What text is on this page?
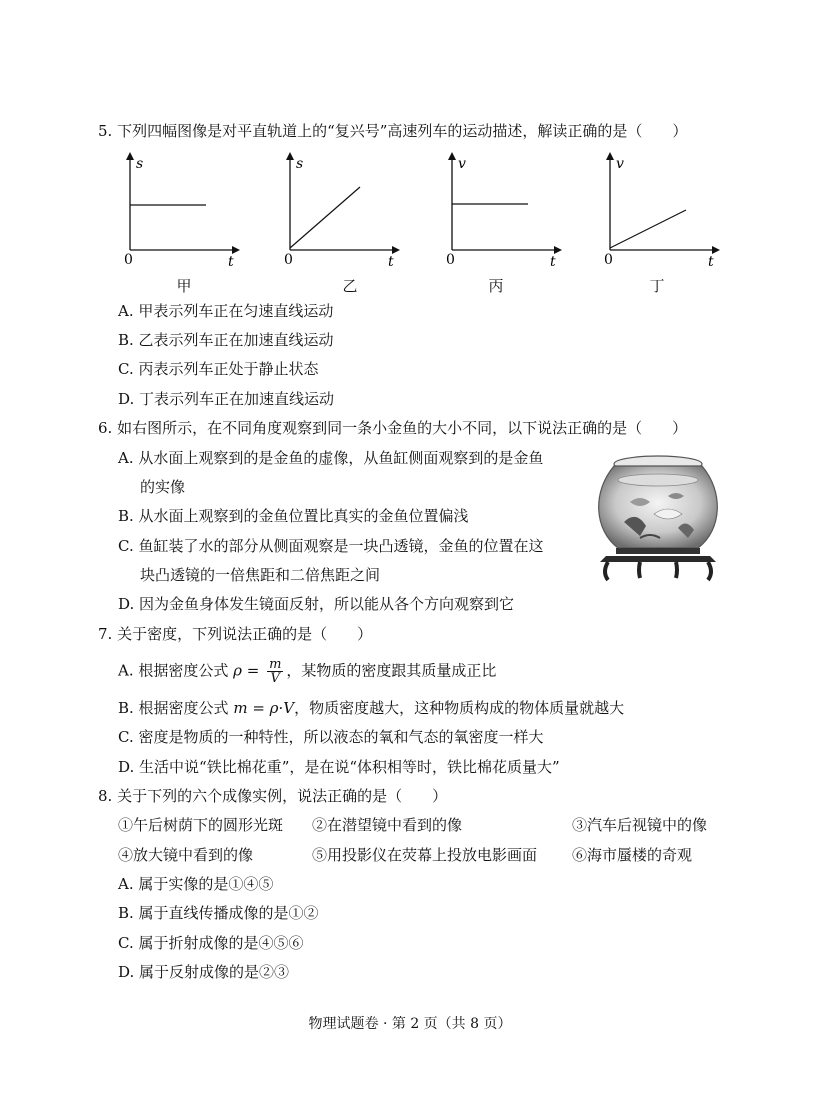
5. 下列四幅图像是对平直轨道上的“复兴号”高速列车的运动描述，解读正确的是（　　）
s
0	t
甲
s
0	t
乙
v
0	t
丙
v
0	t
丁
A. 甲表示列车正在匀速直线运动
B. 乙表示列车正在加速直线运动
C. 丙表示列车正处于静止状态
D. 丁表示列车正在加速直线运动
6. 如右图所示，在不同角度观察到同一条小金鱼的大小不同，以下说法正确的是（　　）
A. 从水面上观察到的是金鱼的虚像，从鱼缸侧面观察到的是金鱼
的实像
B. 从水面上观察到的金鱼位置比真实的金鱼位置偏浅
C. 鱼缸装了水的部分从侧面观察是一块凸透镜，金鱼的位置在这
块凸透镜的一倍焦距和二倍焦距之间
D. 因为金鱼身体发生镜面反射，所以能从各个方向观察到它
7. 关于密度，下列说法正确的是（　　）
A. 根据密度公式 $\rho = \frac{m}{V}$ ，某物质的密度跟其质量成正比
B. 根据密度公式 m = ρ·V，物质密度越大，这种物质构成的物体质量就越大
C. 密度是物质的一种特性，所以液态的氧和气态的氧密度一样大
D. 生活中说“铁比棉花重”，是在说“体积相等时，铁比棉花质量大”
8. 关于下列的六个成像实例，说法正确的是（　　）
①午后树荫下的圆形光斑 ②在潜望镜中看到的像	③汽车后视镜中的像
④放大镜中看到的像	⑤用投影仪在荧幕上投放电影画面 ⑥海市蜃楼的奇观
A. 属于实像的是①④⑤
B. 属于直线传播成像的是①②
C. 属于折射成像的是④⑤⑥
D. 属于反射成像的是②③
物理试题卷 · 第 2 页（共 8 页）
